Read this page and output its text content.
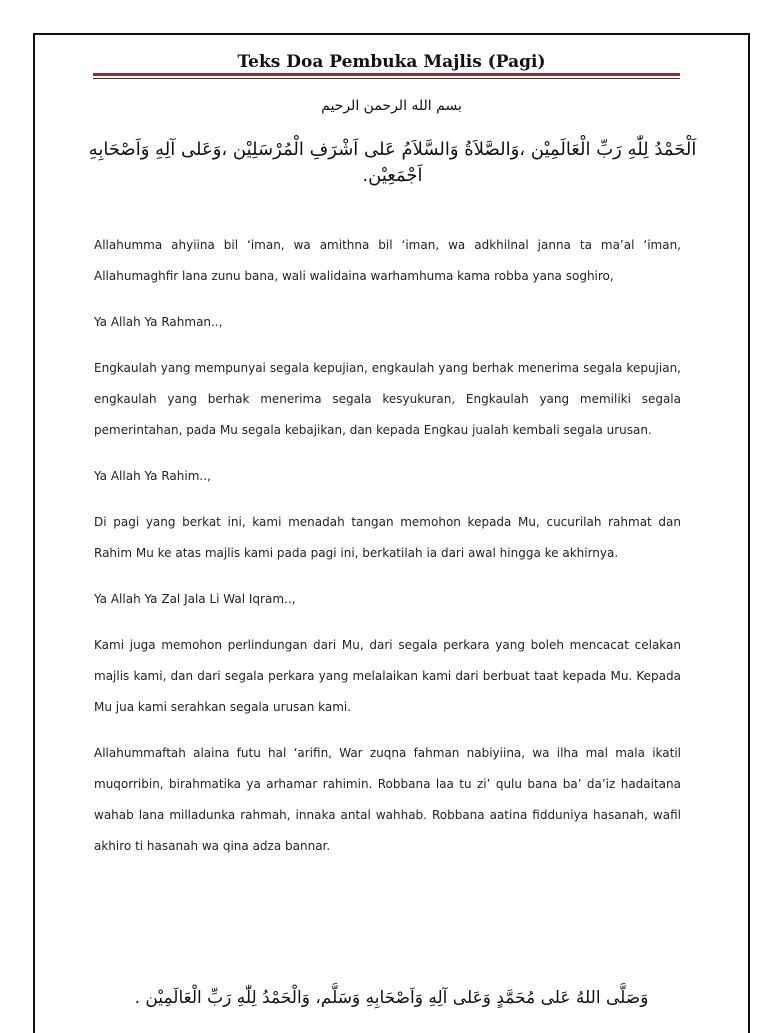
Teks Doa Pembuka Majlis (Pagi)
بسم الله الرحمن الرحيم
اَلْحَمْدُ لِلّٰهِ رَبِّ الْعَالَمِيْن ،وَالصَّلاَةُ وَالسَّلاَمُ عَلى اَشْرَفِ الْمُرْسَلِيْن ،وَعَلى آلِهِ وَاَصْحَابِهِ اَجْمَعِيْن.

Allahumma ahyiina bil ‘iman, wa amithna bil ‘iman, wa adkhilnal janna ta ma’al ‘iman, Allahumaghfir lana zunu bana, wali walidaina warhamhuma kama robba yana soghiro,

Ya Allah Ya Rahman..,

Engkaulah yang mempunyai segala kepujian, engkaulah yang berhak menerima segala kepujian, engkaulah yang berhak menerima segala kesyukuran, Engkaulah yang memiliki segala pemerintahan, pada Mu segala kebajikan, dan kepada Engkau jualah kembali segala urusan.

Ya Allah Ya Rahim..,

Di pagi yang berkat ini, kami menadah tangan memohon kepada Mu, cucurilah rahmat dan Rahim Mu ke atas majlis kami pada pagi ini, berkatilah ia dari awal hingga ke akhirnya.

Ya Allah Ya Zal Jala Li Wal Iqram..,

Kami juga memohon perlindungan dari Mu, dari segala perkara yang boleh mencacat celakan majlis kami, dan dari segala perkara yang melalaikan kami dari berbuat taat kepada Mu. Kepada Mu jua kami serahkan segala urusan kami.

Allahummaftah alaina futu hal ‘arifin, War zuqna fahman nabiyiina, wa ilha mal mala ikatil muqorribin, birahmatika ya arhamar rahimin. Robbana laa tu zi’ qulu bana ba’ da’iz hadaitana wahab lana milladunka rahmah, innaka antal wahhab. Robbana aatina fidduniya hasanah, wafil akhiro ti hasanah wa qina adza bannar.

وَصَلَّى اللهُ عَلى مُحَمَّدٍ وَعَلى آلِهِ وَاَصْحَابِهِ وَسَلَّم، وَالْحَمْدُ لِلّٰهِ رَبِّ الْعَالَمِيْن .
